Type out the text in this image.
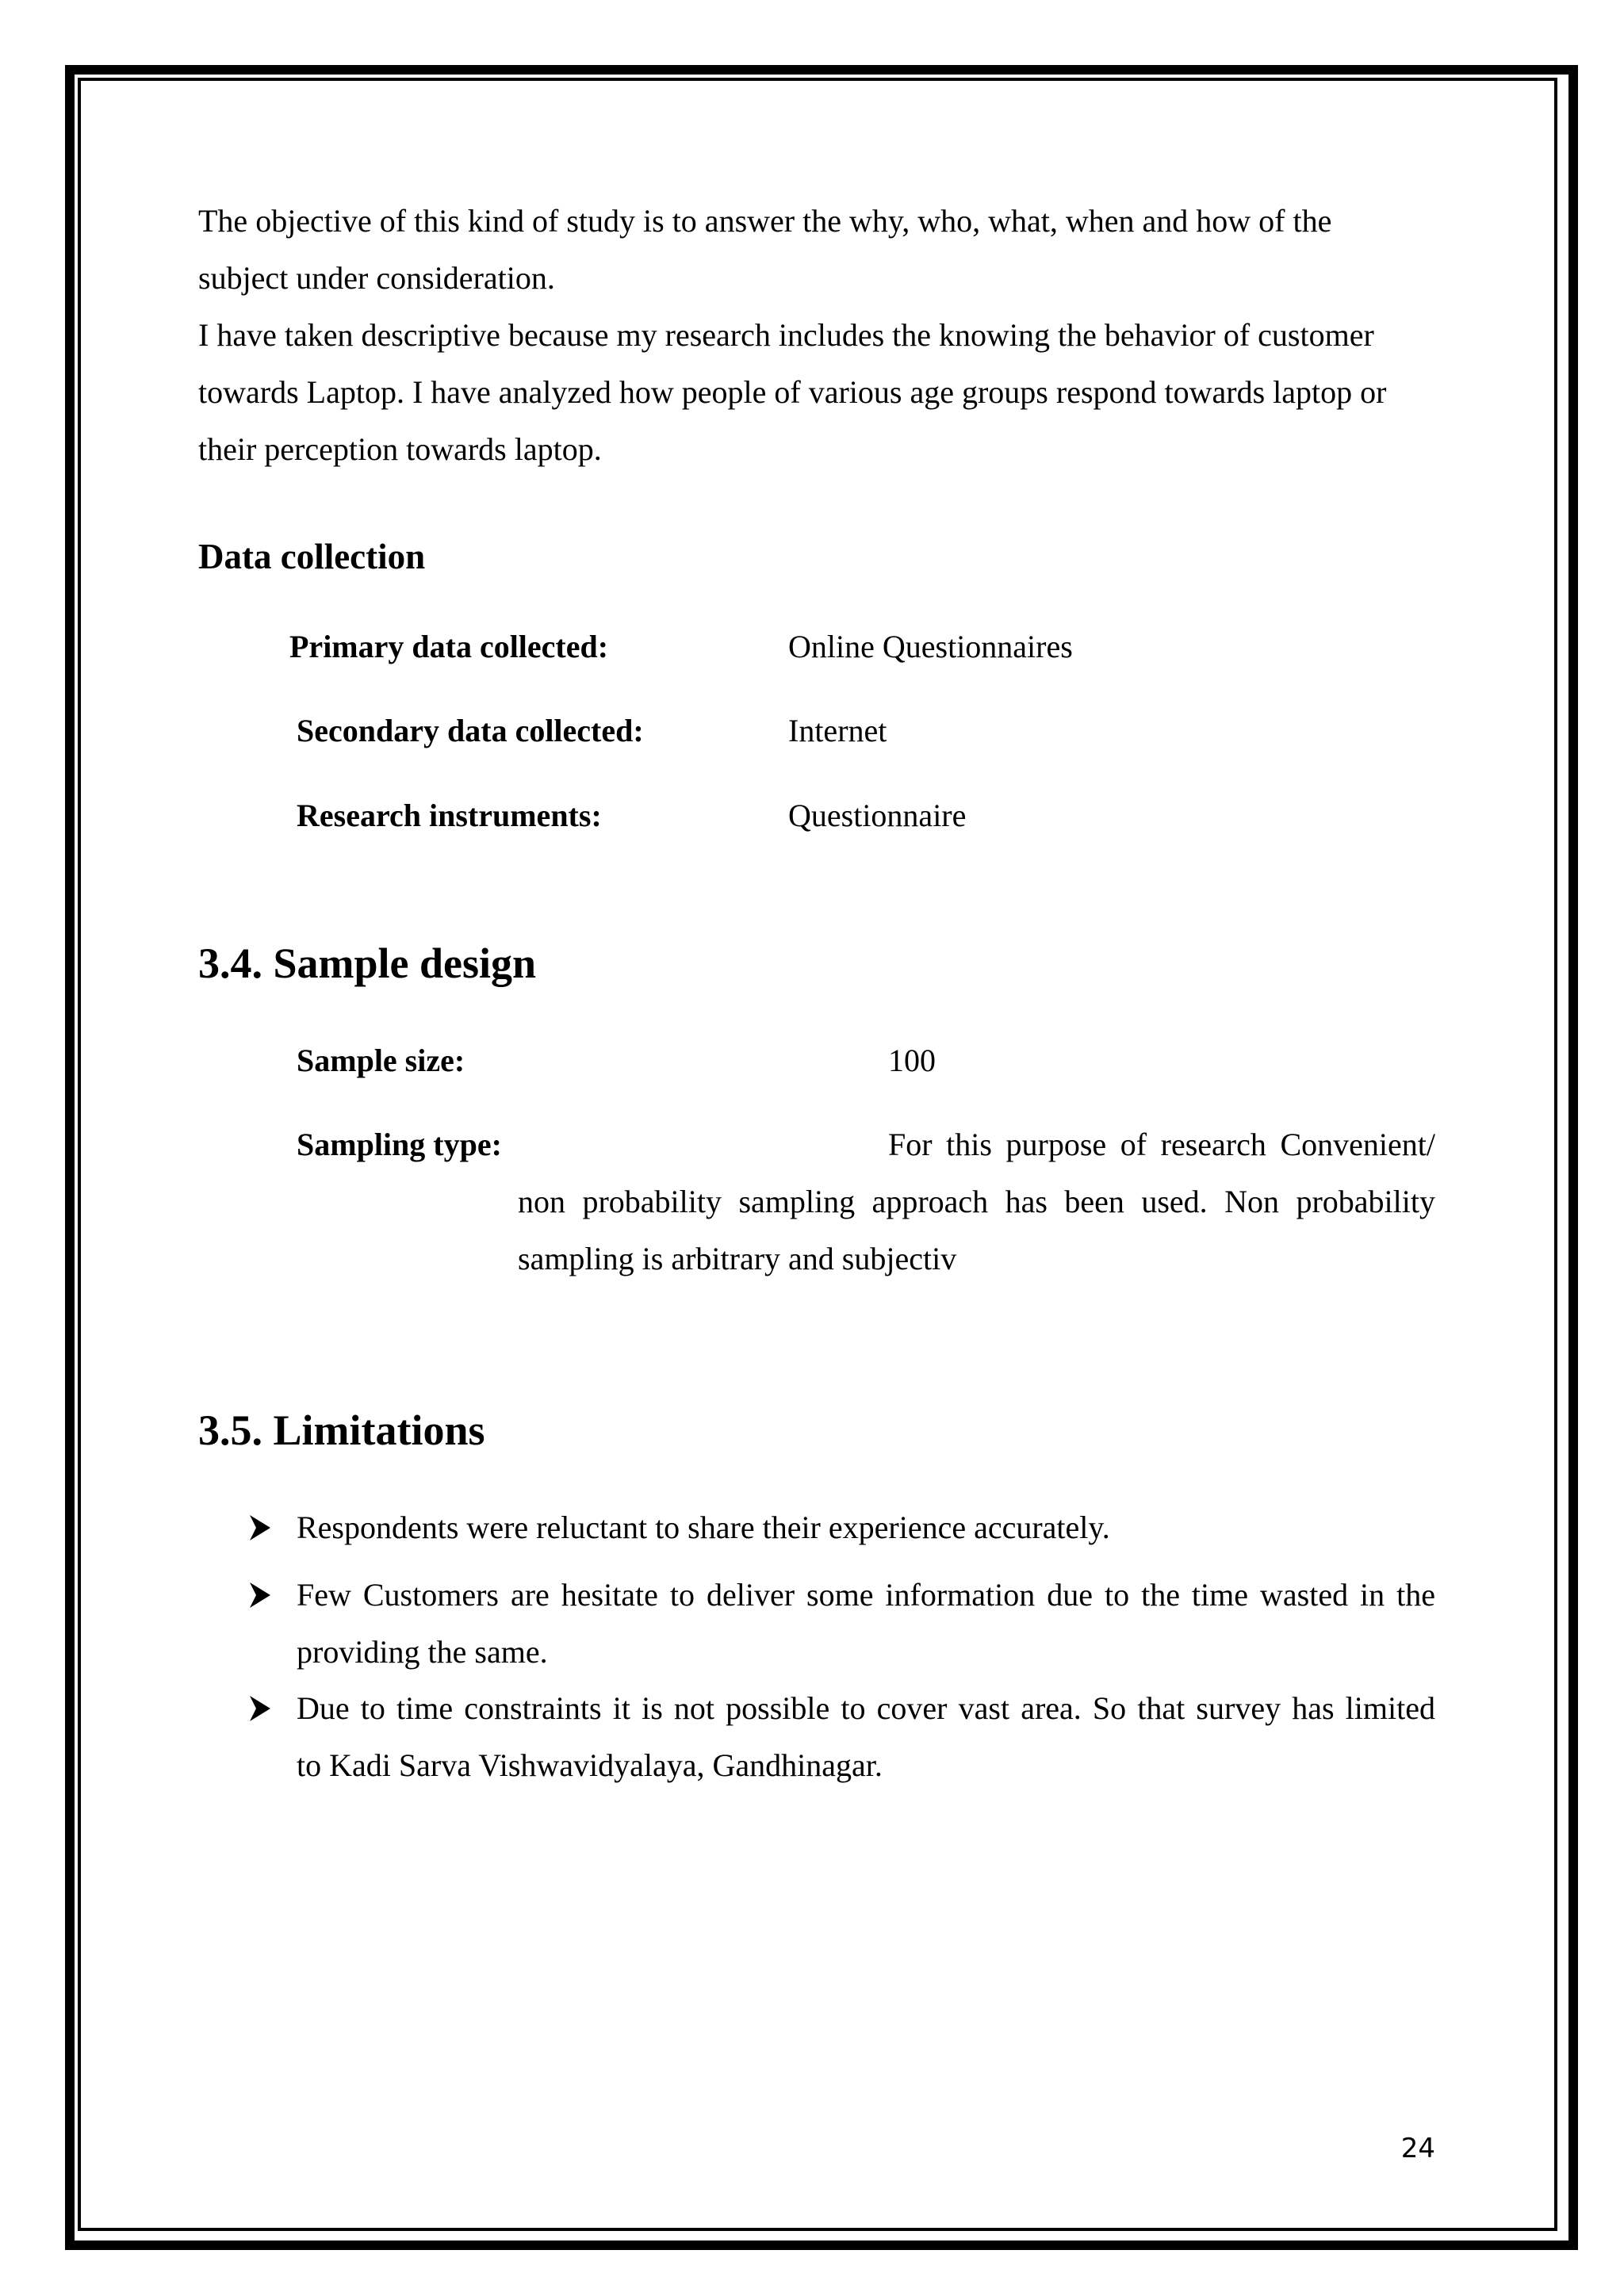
The objective of this kind of study is to answer the why, who, what, when and how of the
subject under consideration.
I have taken descriptive because my research includes the knowing the behavior of customer
towards Laptop. I have analyzed how people of various age groups respond towards laptop or
their perception towards laptop.
Data collection
Primary data collected:	Online Questionnaires
Secondary data collected:	Internet
Research instruments:	Questionnaire
3.4. Sample design
Sample size:	100
Sampling type:	For this purpose of research Convenient/
non probability sampling approach has been used. Non probability
sampling is arbitrary and subjectiv
3.5. Limitations
Respondents were reluctant to share their experience accurately.
Few Customers are hesitate to deliver some information due to the time wasted in the
providing the same.
Due to time constraints it is not possible to cover vast area. So that survey has limited
to Kadi Sarva Vishwavidyalaya, Gandhinagar.
24
